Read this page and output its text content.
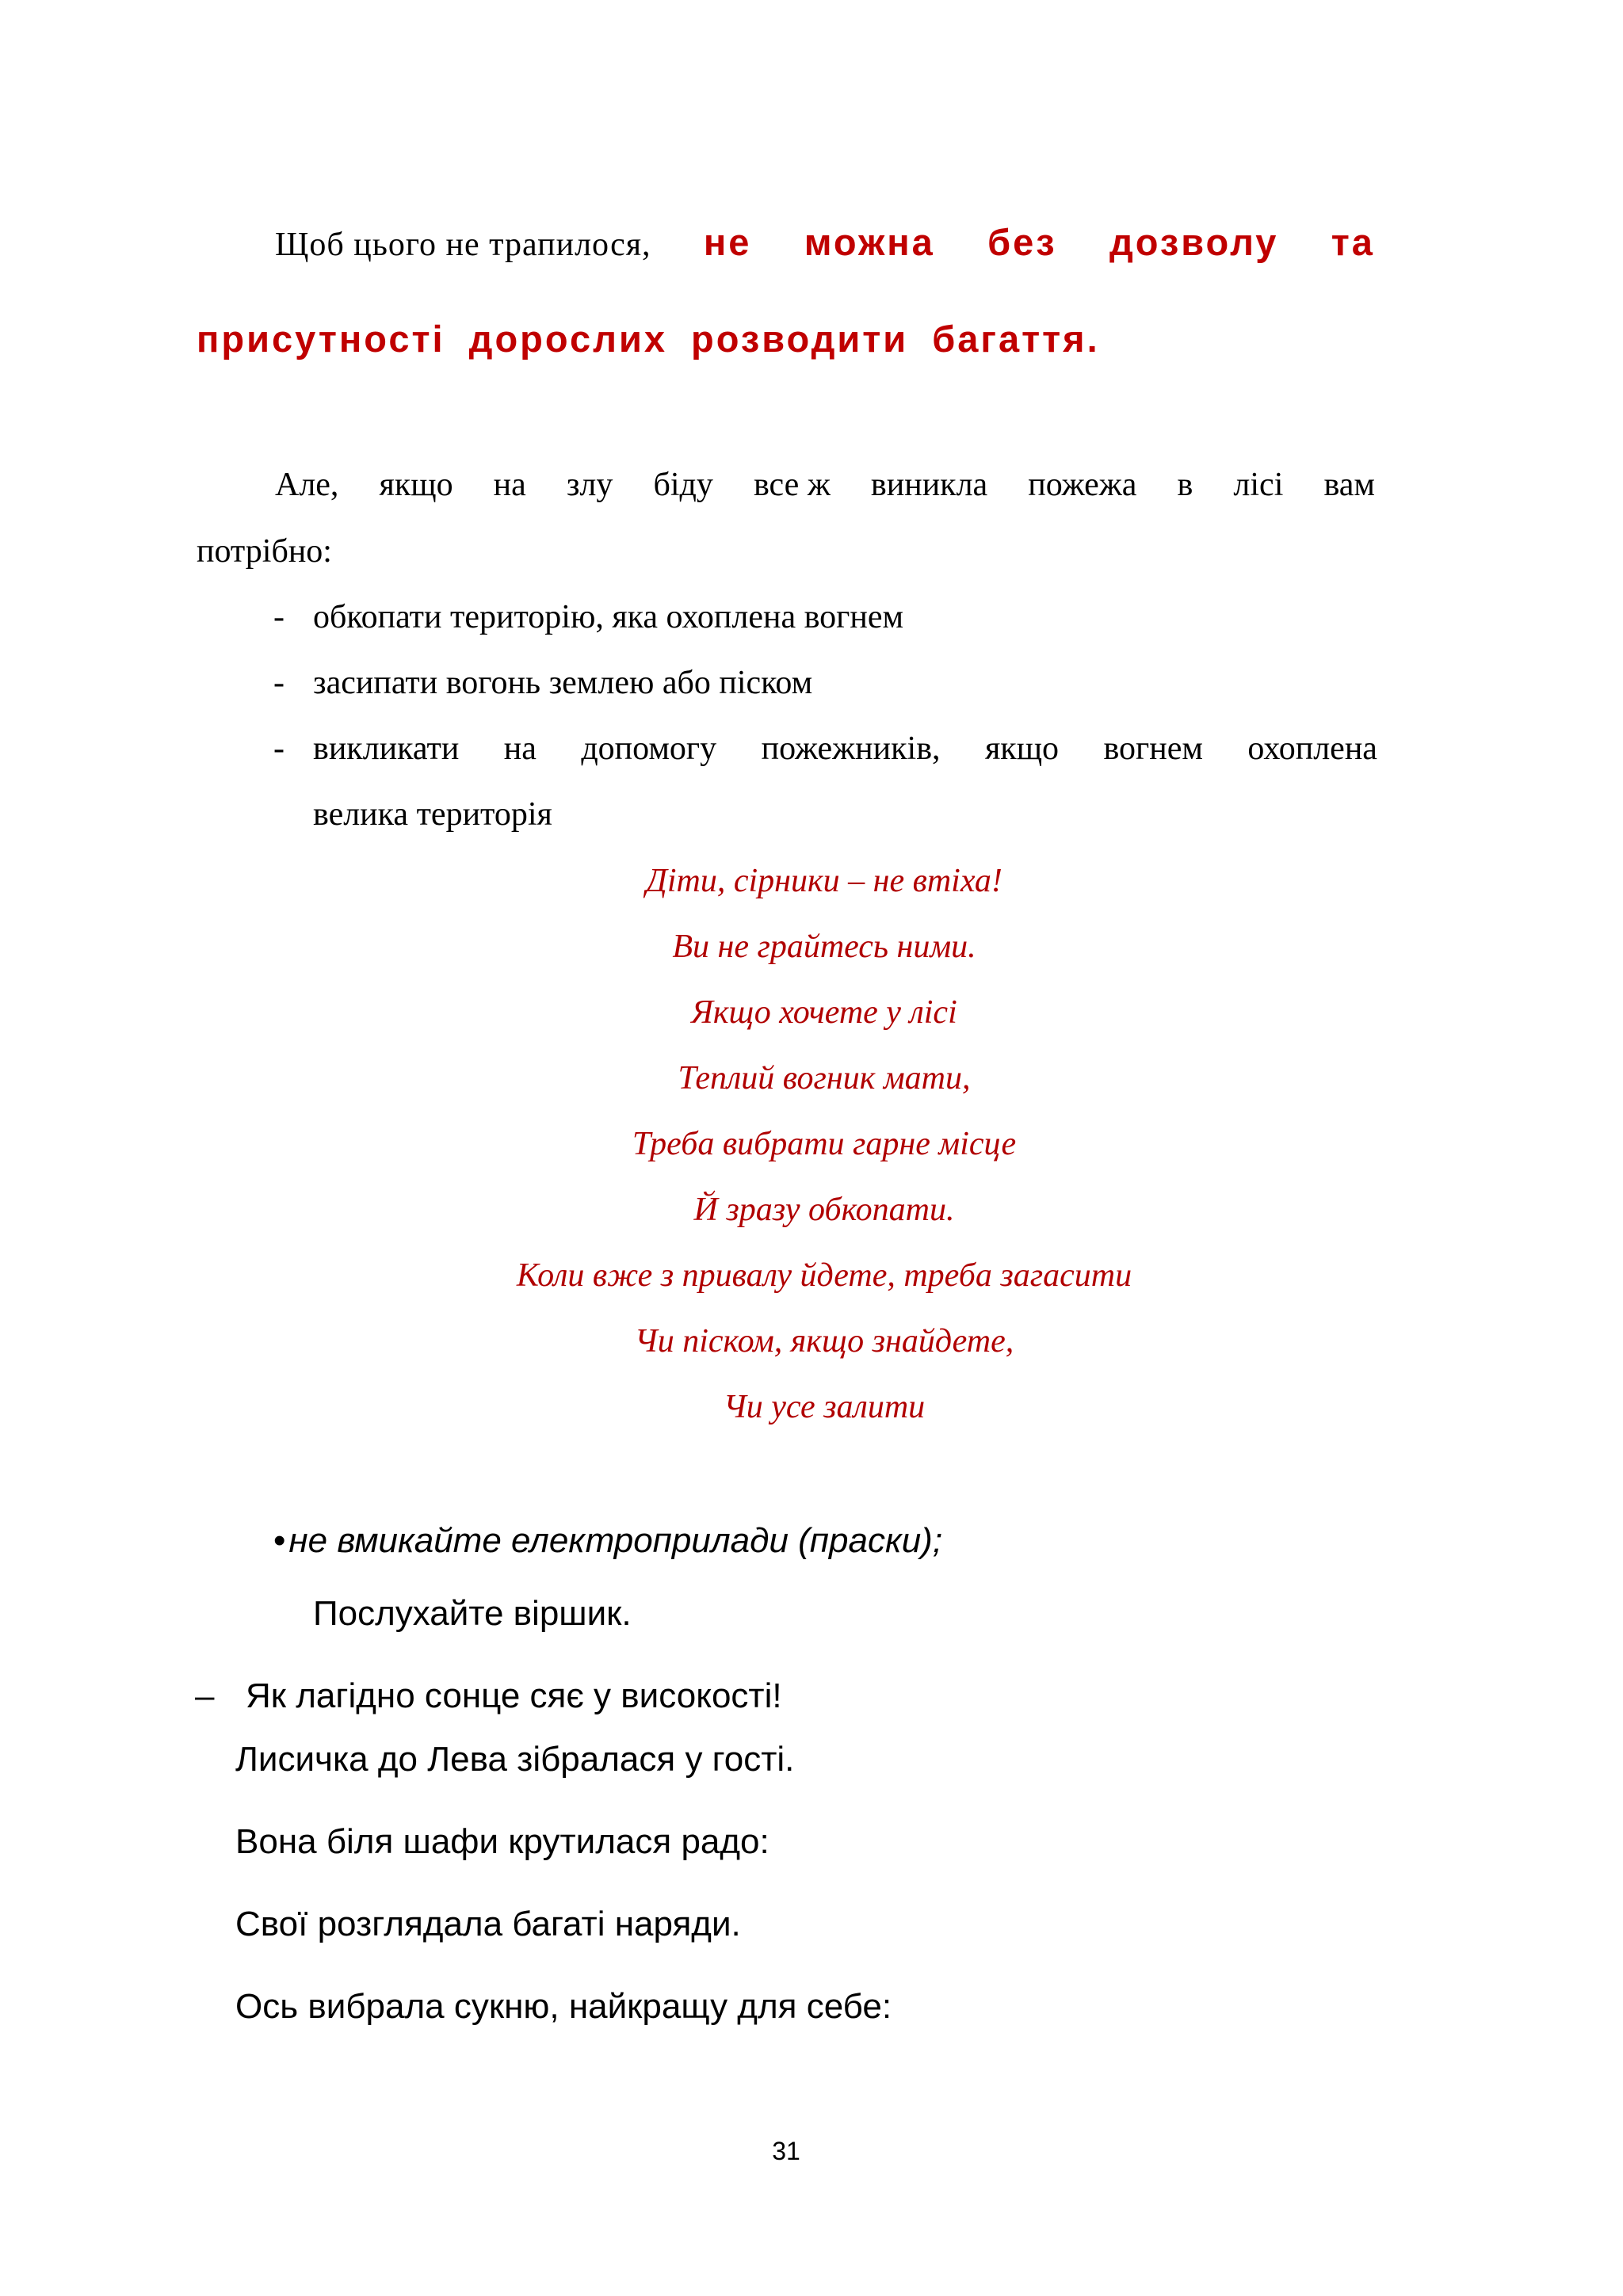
Щоб цього не трапилося, не можна без дозволу та
присутності дорослих розводити багаття.
Але, якщо на злу біду все ж виникла пожежа в лісі вам
потрібно:
- обкопати територію, яка охоплена вогнем
- засипати вогонь землею або піском
- викликати на допомогу пожежників, якщо вогнем охоплена
велика територія
Діти, сірники – не втіха!
Ви не грайтесь ними.
Якщо хочете у лісі
Теплий вогник мати,
Треба вибрати гарне місце
Й зразу обкопати.
Коли вже з привалу йдете, треба загасити
Чи піском, якщо знайдете,
Чи усе залити
•не вмикайте електроприлади (праски);
Послухайте віршик.
– Як лагідно сонце сяє у високості!
Лисичка до Лева зібралася у гості.
Вона біля шафи крутилася радо:
Свої розглядала багаті наряди.
Ось вибрала сукню, найкращу для себе:
31
